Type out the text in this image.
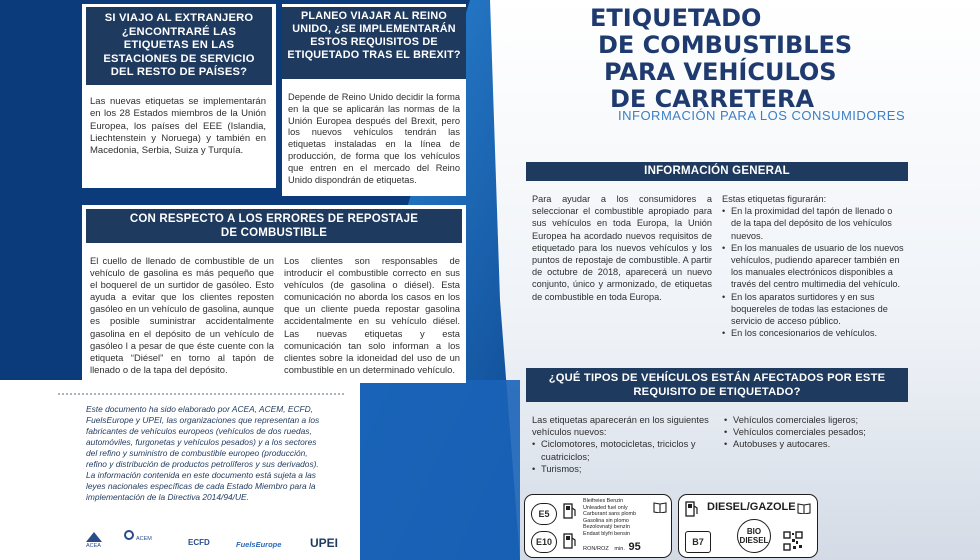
SI VIAJO AL EXTRANJERO ¿ENCONTRARÉ LAS ETIQUETAS EN LAS ESTACIONES DE SERVICIO DEL RESTO DE PAÍSES?
Las nuevas etiquetas se implementarán en los 28 Estados miembros de la Unión Europea, los países del EEE (Islandia, Liechtenstein y Noruega) y también en Macedonia, Serbia, Suiza y Turquía.
PLANEO VIAJAR AL REINO UNIDO, ¿SE IMPLEMENTARÁN ESTOS REQUISITOS DE ETIQUETADO TRAS EL BREXIT?
Depende de Reino Unido decidir la forma en la que se aplicarán las normas de la Unión Europea después del Brexit, pero los nuevos vehículos tendrán las etiquetas instaladas en la línea de producción, de forma que los vehículos que entren en el mercado del Reino Unido dispondrán de etiquetas.
CON RESPECTO A LOS ERRORES DE REPOSTAJE DE COMBUSTIBLE
El cuello de llenado de combustible de un vehículo de gasolina es más pequeño que el boquerel de un surtidor de gasóleo. Esto ayuda a evitar que los clientes reposten gasóleo en un vehículo de gasolina, aunque es posible suministrar accidentalmente gasolina en el depósito de un vehículo de gasóleo l a pesar de que éste cuente con la etiqueta “Diésel” en torno al tapón de llenado o de la tapa del depósito.
Los clientes son responsables de introducir el combustible correcto en sus vehículos (de gasolina o diésel). Esta comunicación no aborda los casos en los que un cliente pueda repostar gasolina accidentalmente en su vehículo diésel. Las nuevas etiquetas y esta comunicación tan solo informan a los clientes sobre la idoneidad del uso de un combustible en un determinado vehículo.
Este documento ha sido elaborado por ACEA, ACEM, ECFD, FuelsEurope y UPEI, las organizaciones que representan a los fabricantes de vehículos europeos (vehículos de dos ruedas, automóviles, furgonetas y vehículos pesados) y a los sectores del refino y suministro de combustible europeo (producción, refino y distribución de productos petrolíferos y sus derivados). La información contenida en este documento está sujeta a las leyes nacionales específicas de cada Estado Miembro para la implementación de la Directiva 2014/94/UE.
ACEA
ACEM	ECFD	FuelsEurope UPEI
ETIQUETADO
DE COMBUSTIBLES
PARA VEHÍCULOS
DE CARRETERA
INFORMACIÓN PARA LOS CONSUMIDORES
INFORMACIÓN GENERAL
Para ayudar a los consumidores a seleccionar el combustible apropiado para sus vehículos en toda Europa, la Unión Europea ha acordado nuevos requisitos de etiquetado para los nuevos vehículos y los puntos de repostaje de combustible. A partir de octubre de 2018, aparecerá un nuevo conjunto, único y armonizado, de etiquetas de combustible en toda Europa.
Estas etiquetas figurarán:
• En la proximidad del tapón de llenado o de la tapa del depósito de los vehículos nuevos.
• En los manuales de usuario de los nuevos vehículos, pudiendo aparecer también en los manuales electrónicos disponibles a través del centro multimedia del vehículo.
• En los aparatos surtidores y en sus boquereles de todas las estaciones de servicio de acceso público.
• En los concesionarios de vehículos.
¿QUÉ TIPOS DE VEHÍCULOS ESTÁN AFECTADOS POR ESTE REQUISITO DE ETIQUETADO?
Las etiquetas aparecerán en los siguientes vehículos nuevos:
• Ciclomotores, motocicletas, triciclos y cuatriciclos;
• Turismos;
• Vehículos comerciales ligeros;
• Vehículos comerciales pesados;
• Autobuses y autocares.
E5
E10
Bleifreies Benzin
Unleaded fuel only
Carburant sans plomb
Gasolina sin plomo
Bezolovnatý benzín
Endast blyfri bensin
RON/ROZ min. 95
DIESEL/GAZOLE
B7
BIO
DIESEL
